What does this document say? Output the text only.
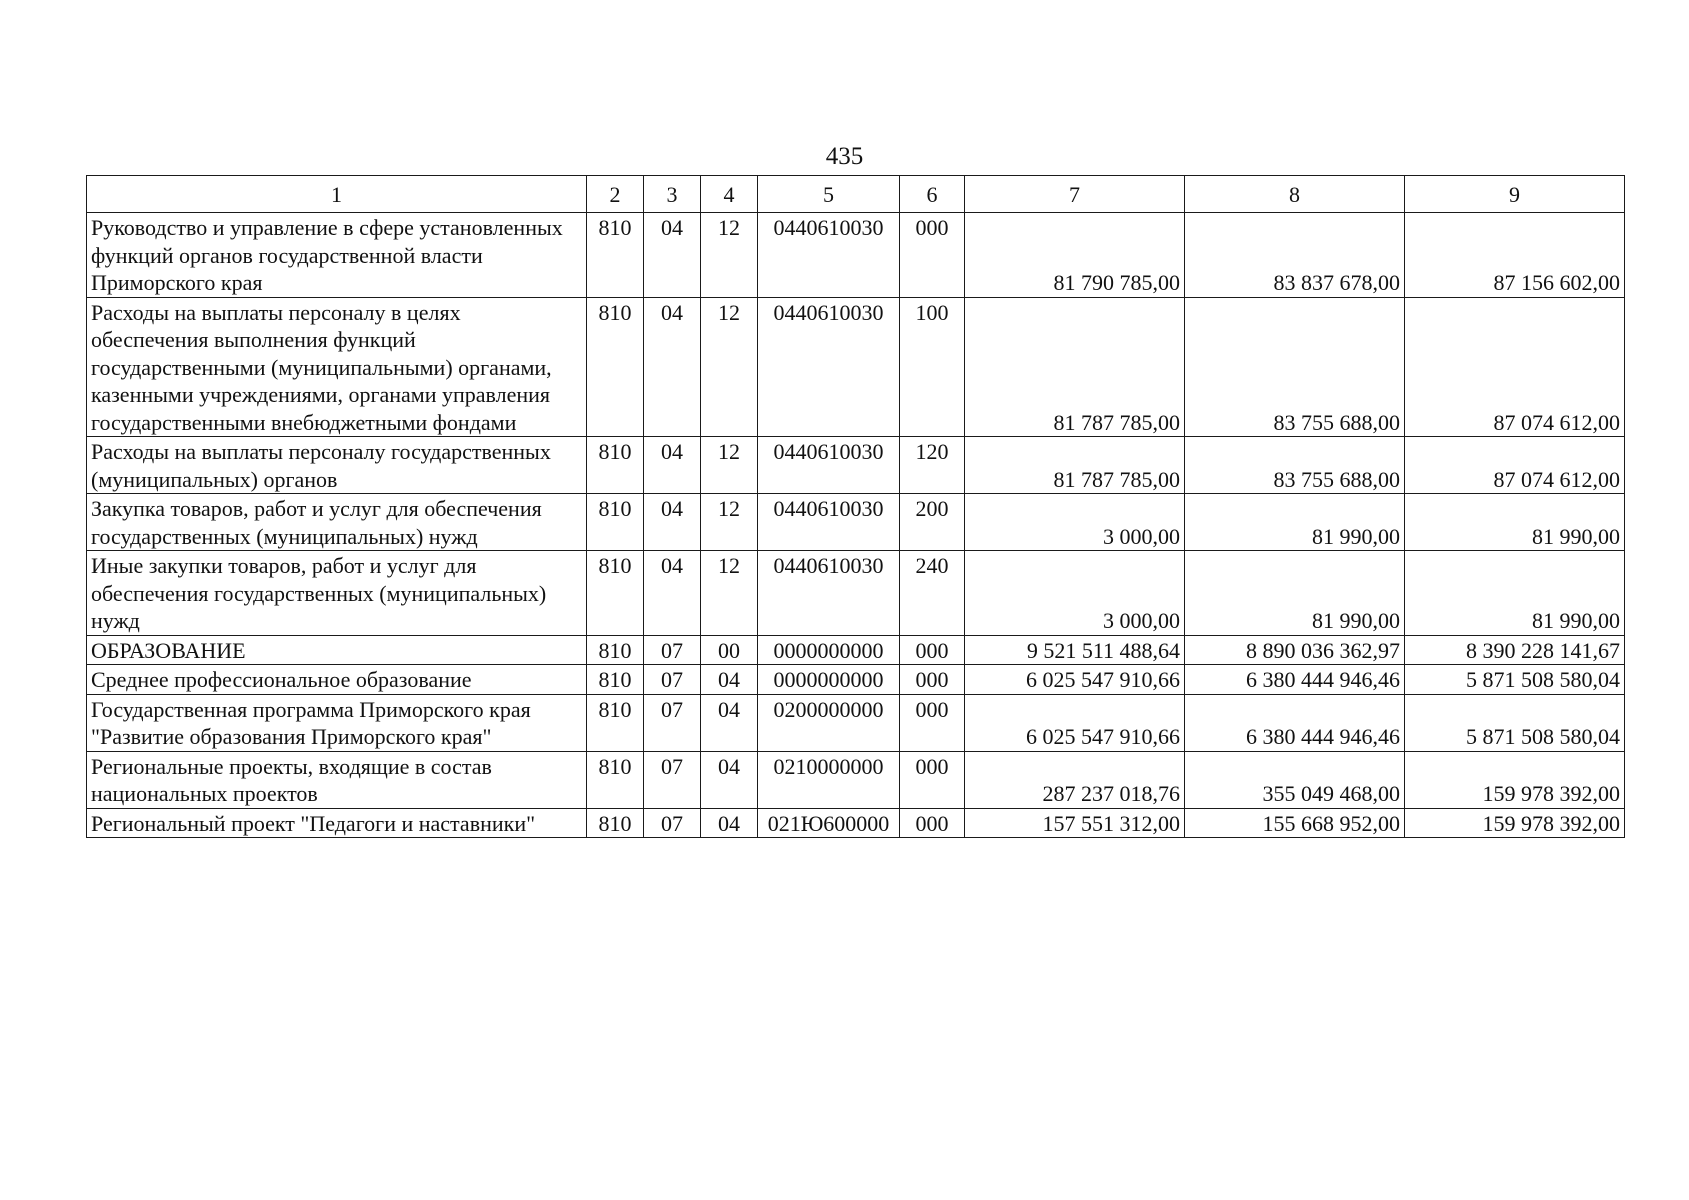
435
1	2	3	4	5	6	7	8	9
Руководство и управление в сфере установленных функций органов государственной власти Приморского края	810	04	12	0440610030	000	81 790 785,00	83 837 678,00	87 156 602,00
Расходы на выплаты персоналу в целях обеспечения выполнения функций государственными (муниципальными) органами, казенными учреждениями, органами управления государственными внебюджетными фондами	810	04	12	0440610030	100	81 787 785,00	83 755 688,00	87 074 612,00
Расходы на выплаты персоналу государственных (муниципальных) органов	810	04	12	0440610030	120	81 787 785,00	83 755 688,00	87 074 612,00
Закупка товаров, работ и услуг для обеспечения государственных (муниципальных) нужд	810	04	12	0440610030	200	3 000,00	81 990,00	81 990,00
Иные закупки товаров, работ и услуг для обеспечения государственных (муниципальных) нужд	810	04	12	0440610030	240	3 000,00	81 990,00	81 990,00
ОБРАЗОВАНИЕ	810	07	00	0000000000	000	9 521 511 488,64	8 890 036 362,97	8 390 228 141,67
Среднее профессиональное образование	810	07	04	0000000000	000	6 025 547 910,66	6 380 444 946,46	5 871 508 580,04
Государственная программа Приморского края "Развитие образования Приморского края"	810	07	04	0200000000	000	6 025 547 910,66	6 380 444 946,46	5 871 508 580,04
Региональные проекты, входящие в состав национальных проектов	810	07	04	0210000000	000	287 237 018,76	355 049 468,00	159 978 392,00
Региональный проект "Педагоги и наставники"	810	07	04	021Ю600000	000	157 551 312,00	155 668 952,00	159 978 392,00
